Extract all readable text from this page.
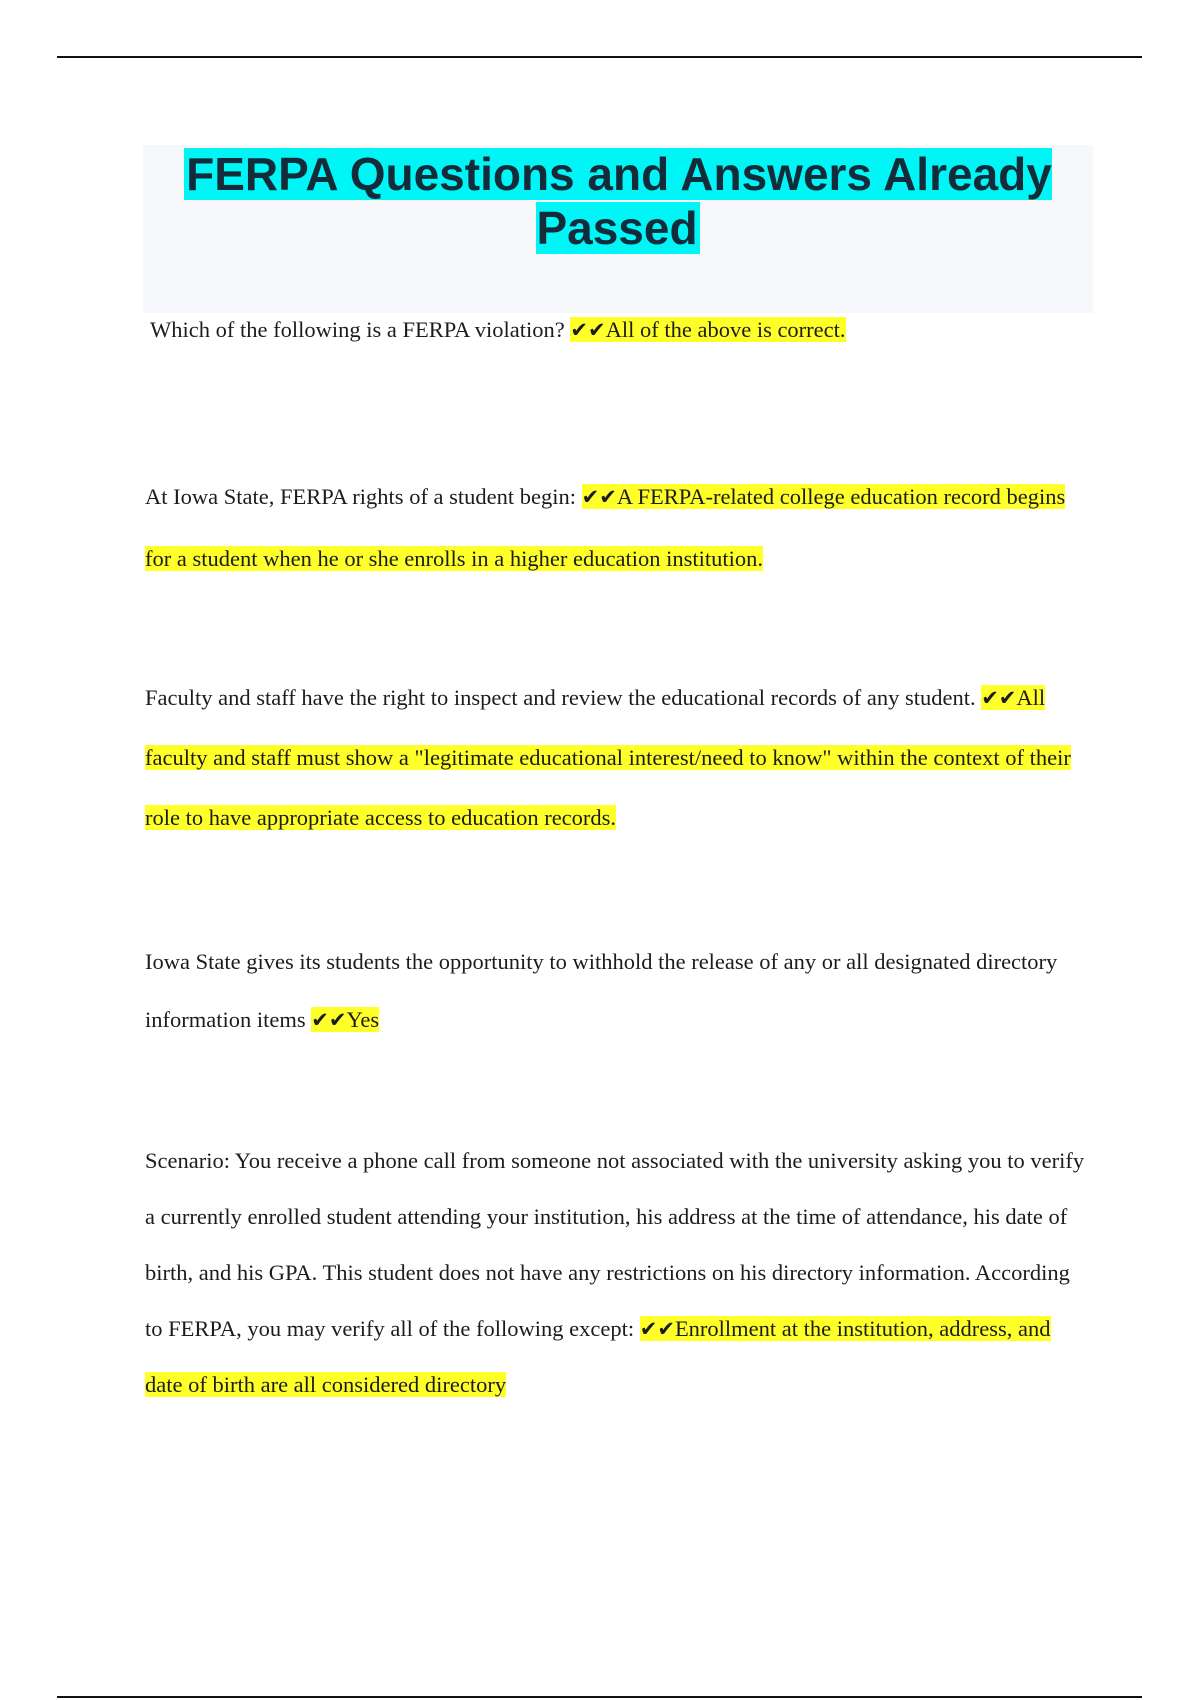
FERPA Questions and Answers Already Passed

Which of the following is a FERPA violation? ✔✔All of the above is correct.

At Iowa State, FERPA rights of a student begin: ✔✔A FERPA-related college education record begins for a student when he or she enrolls in a higher education institution.

Faculty and staff have the right to inspect and review the educational records of any student. ✔✔All faculty and staff must show a "legitimate educational interest/need to know" within the context of their role to have appropriate access to education records.

Iowa State gives its students the opportunity to withhold the release of any or all designated directory information items ✔✔Yes

Scenario: You receive a phone call from someone not associated with the university asking you to verify a currently enrolled student attending your institution, his address at the time of attendance, his date of birth, and his GPA. This student does not have any restrictions on his directory information. According to FERPA, you may verify all of the following except: ✔✔Enrollment at the institution, address, and date of birth are all considered directory
